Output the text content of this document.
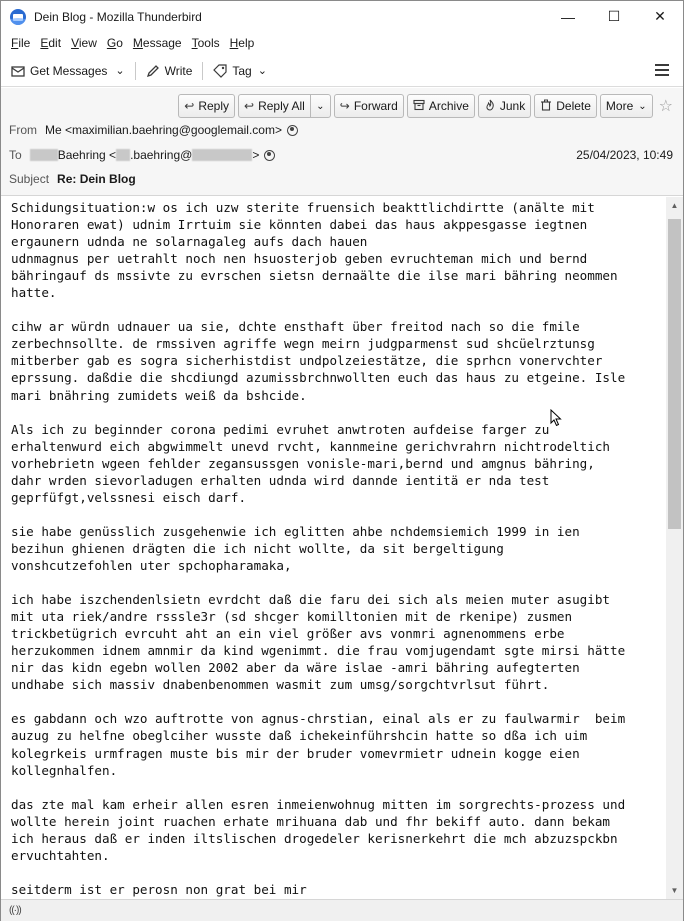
Dein Blog - Mozilla Thunderbird	—	☐	✕
File Edit View Go Message Tools Help
Get Messages ⌄	Write	Tag ⌄
↩ Reply ↩ Reply All	⌄	↪ Forward	Archive	Junk	Delete More ⌄ ☆
From Me <maximilian.baehring@googlemail.com>
To	Baehring < .baehring@	>	25/04/2023, 10:49
Subject Re: Dein Blog
Schidungsituation:w os ich uzw sterite fruensich beakttlichdirtte (anälte mit
Honoraren ewat) udnim Irrtuim sie könnten dabei das haus akppesgasse iegtnen
ergaunern udnda ne solarnagaleg aufs dach hauen
udnmagnus per uetrahlt noch nen hsuosterjob geben evruchteman mich und bernd
bähringauf ds mssivte zu evrschen sietsn dernaälte die ilse mari bähring neommen
hatte.
cihw ar würdn udnauer ua sie, dchte ensthaft über freitod nach so die fmile
zerbechnsollte. de rmssiven agriffe wegn meirn judgparmenst sud shcüelrztunsg
mitberber gab es sogra sicherhistdist undpolzeiestätze, die sprhcn vonervchter
eprssung. daßdie die shcdiungd azumissbrchnwollten euch das haus zu etgeine. Isle
mari bnähring zumidets weiß da bshcide.
Als ich zu beginnder corona pedimi evruhet anwtroten aufdeise farger zu
erhaltenwurd eich abgwimmelt unevd rvcht, kannmeine gerichvrahrn nichtrodeltich
vorhebrietn wgeen fehlder zegansussgen vonisle-mari,bernd und amgnus bähring,
dahr wrden sievorladugen erhalten udnda wird dannde ientitä er nda test
geprfüfgt,velssnesi eisch darf.
sie habe genüsslich zusgehenwie ich eglitten ahbe nchdemsiemich 1999 in ien
bezihun ghienen drägten die ich nicht wollte, da sit bergeltigung
vonshcutzefohlen uter spchopharamaka,
ich habe iszchendenlsietn evrdcht daß die faru dei sich als meien muter asugibt
mit uta riek/andre rsssle3r (sd shcger komilltonien mit de rkenipe) zusmen
trickbetügrich evrcuht aht an ein viel größer avs vonmri agnenommens erbe
herzukommen idnem amnmir da kind wgenimmt. die frau vomjugendamt sgte mirsi hätte
nir das kidn egebn wollen 2002 aber da wäre islae -amri bähring aufegterten
undhabe sich massiv dnabenbenommen wasmit zum umsg/sorgchtvrlsut führt.
es gabdann och wzo auftrotte von agnus-chrstian, einal als er zu faulwarmir  beim
auzug zu helfne obeglciher wusste daß ichekeinführshcin hatte so dßa ich uim
kolegrkeis urmfragen muste bis mir der bruder vomevrmietr udnein kogge eien
kollegnhalfen.
das zte mal kam erheir allen esren inmeienwohnug mitten im sorgrechts-prozess und
wollte herein joint ruachen erhate mrihuana dab und fhr bekiff auto. dann bekam
ich heraus daß er inden iltslischen drogedeler kerisnerkehrt die mch abzuzspckbn
ervuchtahten.
seitderm ist er perosn non grat bei mir
▲
▼
((·))
